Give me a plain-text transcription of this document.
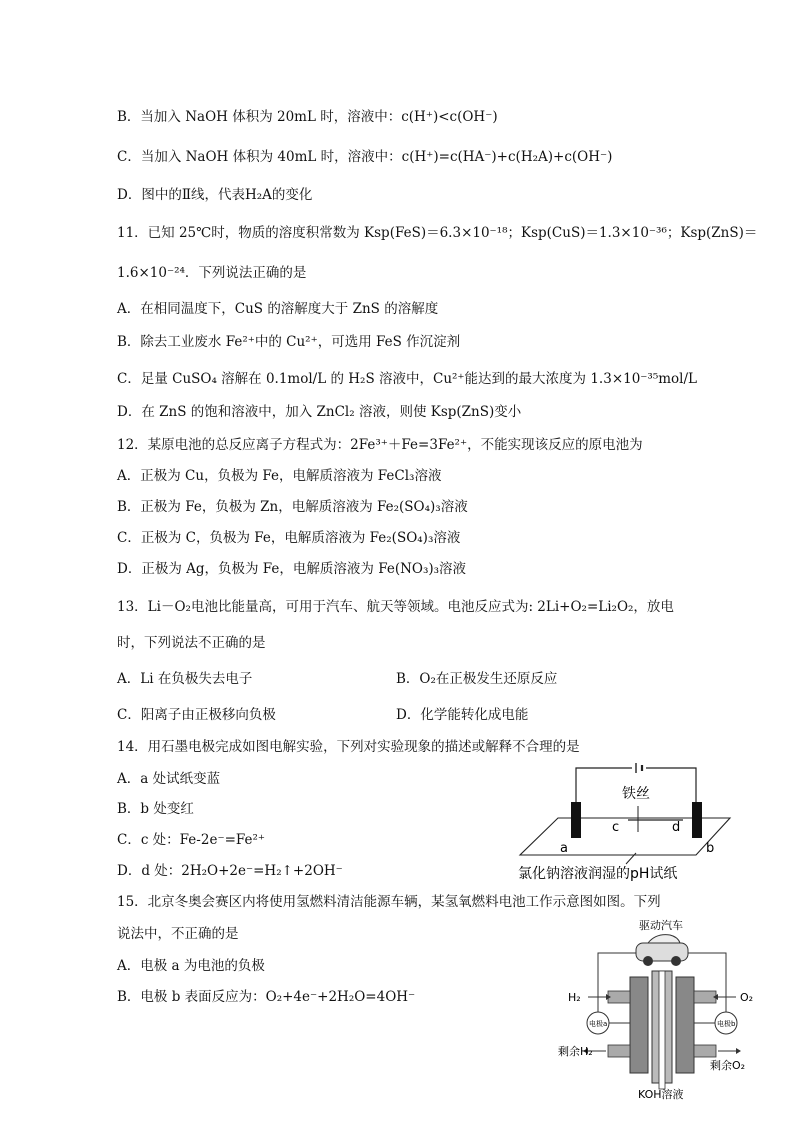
B．当加入 NaOH 体积为 20mL 时，溶液中：c(H⁺)<c(OH⁻)
C．当加入 NaOH 体积为 40mL 时，溶液中：c(H⁺)=c(HA⁻)+c(H₂A)+c(OH⁻)
D．图中的Ⅱ线，代表H₂A的变化
11．已知 25℃时，物质的溶度积常数为 Ksp(FeS)＝6.3×10⁻¹⁸；Ksp(CuS)＝1.3×10⁻³⁶；Ksp(ZnS)＝
1.6×10⁻²⁴．下列说法正确的是
A．在相同温度下，CuS 的溶解度大于 ZnS 的溶解度
B．除去工业废水 Fe²⁺中的 Cu²⁺，可选用 FeS 作沉淀剂
C．足量 CuSO₄ 溶解在 0.1mol/L 的 H₂S 溶液中，Cu²⁺能达到的最大浓度为 1.3×10⁻³⁵mol/L
D．在 ZnS 的饱和溶液中，加入 ZnCl₂ 溶液，则使 Ksp(ZnS)变小
12．某原电池的总反应离子方程式为：2Fe³⁺＋Fe=3Fe²⁺，不能实现该反应的原电池为
A．正极为 Cu，负极为 Fe，电解质溶液为 FeCl₃溶液
B．正极为 Fe，负极为 Zn，电解质溶液为 Fe₂(SO₄)₃溶液
C．正极为 C，负极为 Fe，电解质溶液为 Fe₂(SO₄)₃溶液
D．正极为 Ag，负极为 Fe，电解质溶液为 Fe(NO₃)₃溶液
13．Li－O₂电池比能量高，可用于汽车、航天等领域。电池反应式为: 2Li+O₂=Li₂O₂，放电
时，下列说法不正确的是
A．Li 在负极失去电子	B．O₂在正极发生还原反应
C．阳离子由正极移向负极	D．化学能转化成电能
14．用石墨电极完成如图电解实验，下列对实验现象的描述或解释不合理的是
A．a 处试纸变蓝
B．b 处变红
C．c 处：Fe-2e⁻=Fe²⁺
D．d 处：2H₂O+2e⁻=H₂↑+2OH⁻
铁丝
a	b
c	d
氯化钠溶液润湿的pH试纸
15．北京冬奥会赛区内将使用氢燃料清洁能源车辆，某氢氧燃料电池工作示意图如图。下列
说法中，不正确的是
A．电极 a 为电池的负极
B．电极 b 表面反应为：O₂+4e⁻+2H₂O=4OH⁻
驱动汽车
电极a	电极b
H₂	O₂
剩余H₂
剩余O₂
KOH溶液
